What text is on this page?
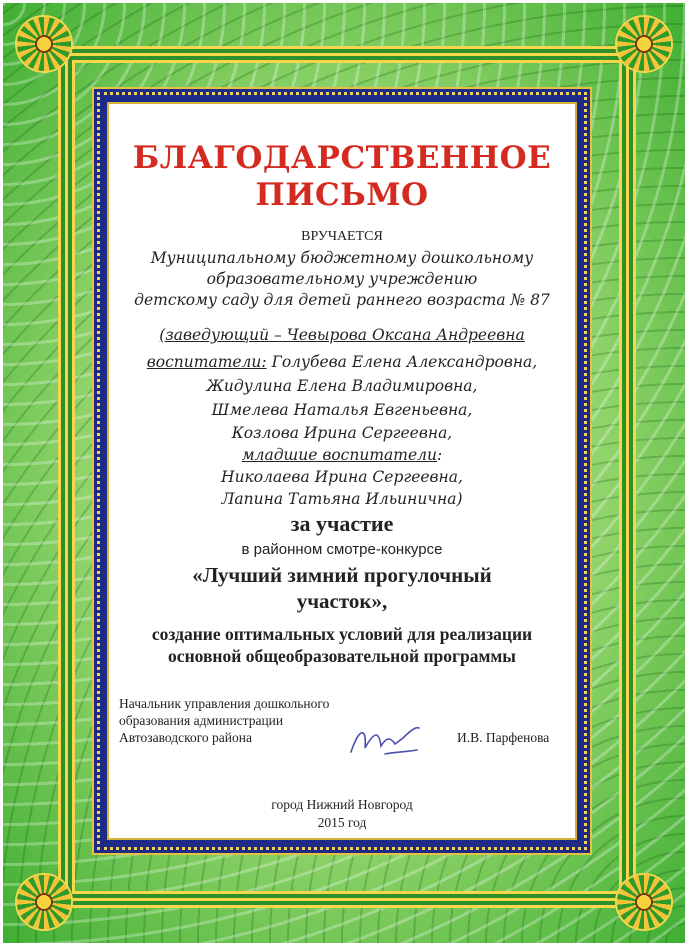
БЛАГОДАРСТВЕННОЕ

ПИСЬМО

ВРУЧАЕТСЯ

Муниципальному бюджетному дошкольному

образовательному учреждению

детскому саду для детей раннего возраста № 87

(заведующий – Чевырова Оксана Андреевна

воспитатели: Голубева Елена Александровна,

Жидулина Елена Владимировна,

Шмелева Наталья Евгеньевна,

Козлова Ирина Сергеевна,

младшие воспитатели:

Николаева Ирина Сергеевна,

Лапина Татьяна Ильинична)

за участие

в районном смотре-конкурсе

«Лучший зимний прогулочный

участок»,

создание оптимальных условий для реализации

основной общеобразовательной программы

Начальник управления дошкольного

образования администрации

Автозаводского района	И.В. Парфенова

город Нижний Новгород

2015 год
